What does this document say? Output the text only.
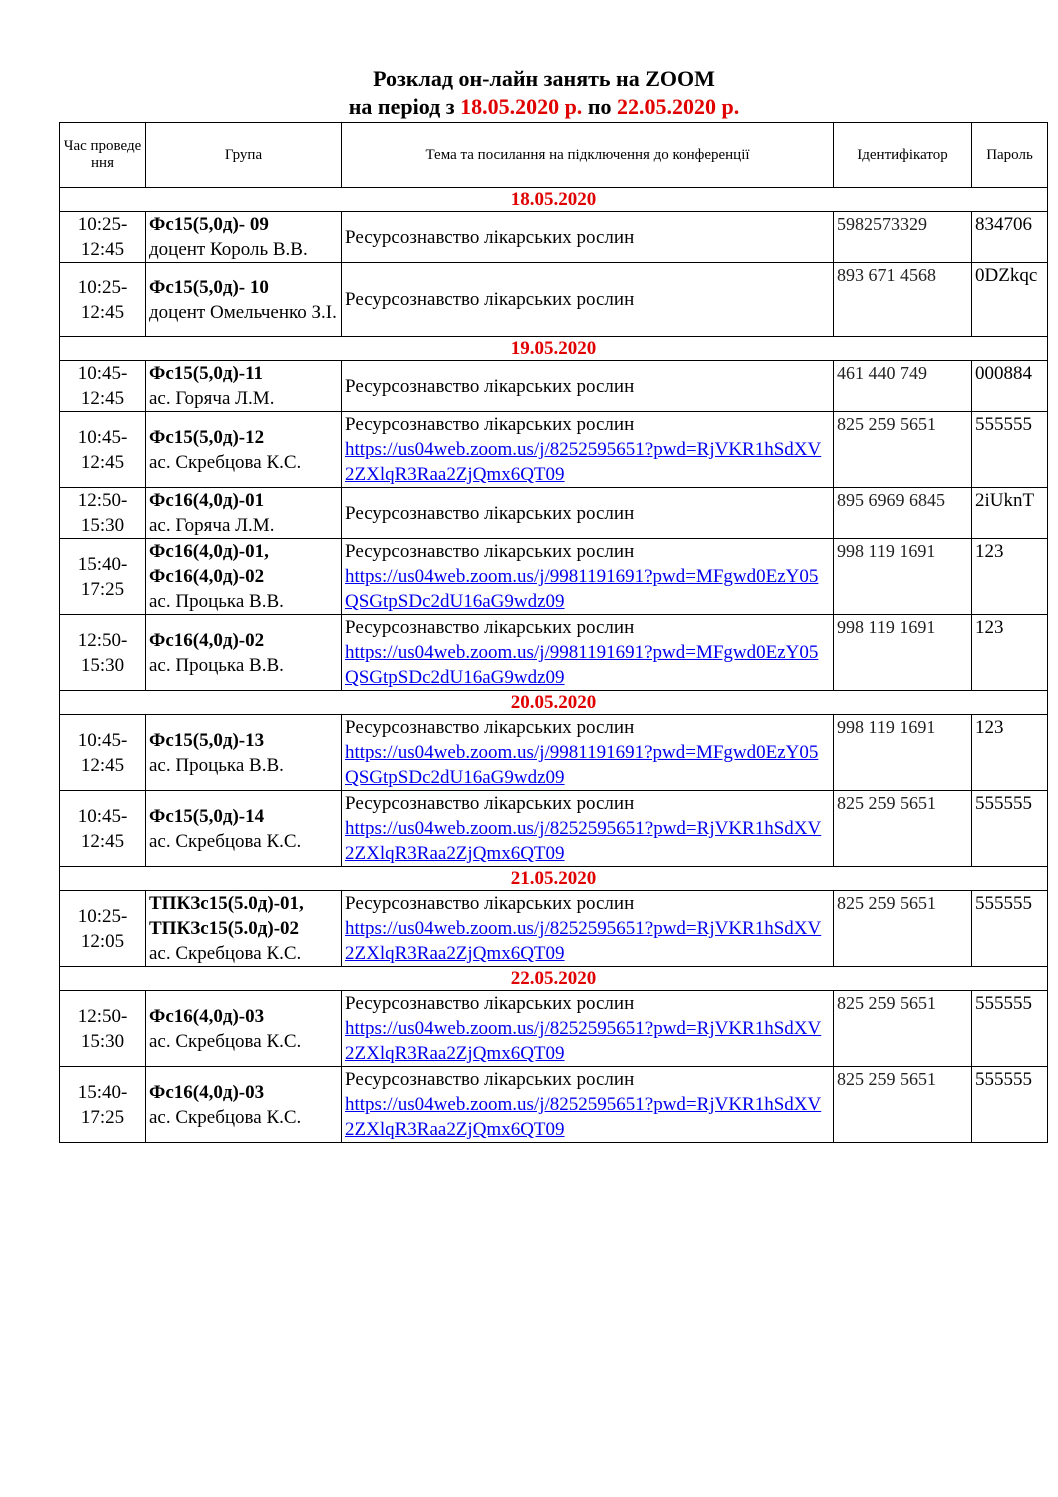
Розклад он-лайн занять на ZOOM
на період з 18.05.2020 р. по 22.05.2020 р.
Час проведе ння	Група	Тема та посилання на підключення до конференції	Ідентифікатор	Пароль
18.05.2020				
10:25- 12:45	Фс15(5,0д)- 09
доцент Король В.В.	Ресурсознавство лікарських рослин	5982573329	834706
10:25- 12:45	Фс15(5,0д)- 10
доцент Омельченко З.І.	Ресурсознавство лікарських рослин	893 671 4568	0DZkqc
19.05.2020				
10:45- 12:45	Фс15(5,0д)-11
ас. Горяча Л.М.	Ресурсознавство лікарських рослин	461 440 749	000884
10:45- 12:45	Фс15(5,0д)-12
ас. Скребцова К.С.	Ресурсознавство лікарських рослин
https://us04web.zoom.us/j/8252595651?pwd=RjVKR1hSdXV2ZXlqR3Raa2ZjQmx6QT09	825 259 5651	555555
12:50- 15:30	Фс16(4,0д)-01
ас. Горяча Л.М.	Ресурсознавство лікарських рослин	895 6969 6845	2iUknT
15:40- 17:25	Фс16(4,0д)-01,
Фс16(4,0д)-02
ас. Процька В.В.	Ресурсознавство лікарських рослин
https://us04web.zoom.us/j/9981191691?pwd=MFgwd0EzY05QSGtpSDc2dU16aG9wdz09	998 119 1691	123
12:50- 15:30	Фс16(4,0д)-02
ас. Процька В.В.	Ресурсознавство лікарських рослин
https://us04web.zoom.us/j/9981191691?pwd=MFgwd0EzY05QSGtpSDc2dU16aG9wdz09	998 119 1691	123
20.05.2020				
10:45- 12:45	Фс15(5,0д)-13
ас. Процька В.В.	Ресурсознавство лікарських рослин
https://us04web.zoom.us/j/9981191691?pwd=MFgwd0EzY05QSGtpSDc2dU16aG9wdz09	998 119 1691	123
10:45- 12:45	Фс15(5,0д)-14
ас. Скребцова К.С.	Ресурсознавство лікарських рослин
https://us04web.zoom.us/j/8252595651?pwd=RjVKR1hSdXV2ZXlqR3Raa2ZjQmx6QT09	825 259 5651	555555
21.05.2020				
10:25- 12:05	ТПКЗс15(5.0д)-01,
ТПКЗс15(5.0д)-02
ас. Скребцова К.С.	Ресурсознавство лікарських рослин
https://us04web.zoom.us/j/8252595651?pwd=RjVKR1hSdXV2ZXlqR3Raa2ZjQmx6QT09	825 259 5651	555555
22.05.2020				
12:50- 15:30	Фс16(4,0д)-03
ас. Скребцова К.С.	Ресурсознавство лікарських рослин
https://us04web.zoom.us/j/8252595651?pwd=RjVKR1hSdXV2ZXlqR3Raa2ZjQmx6QT09	825 259 5651	555555
15:40- 17:25	Фс16(4,0д)-03
ас. Скребцова К.С.	Ресурсознавство лікарських рослин
https://us04web.zoom.us/j/8252595651?pwd=RjVKR1hSdXV2ZXlqR3Raa2ZjQmx6QT09	825 259 5651	555555
